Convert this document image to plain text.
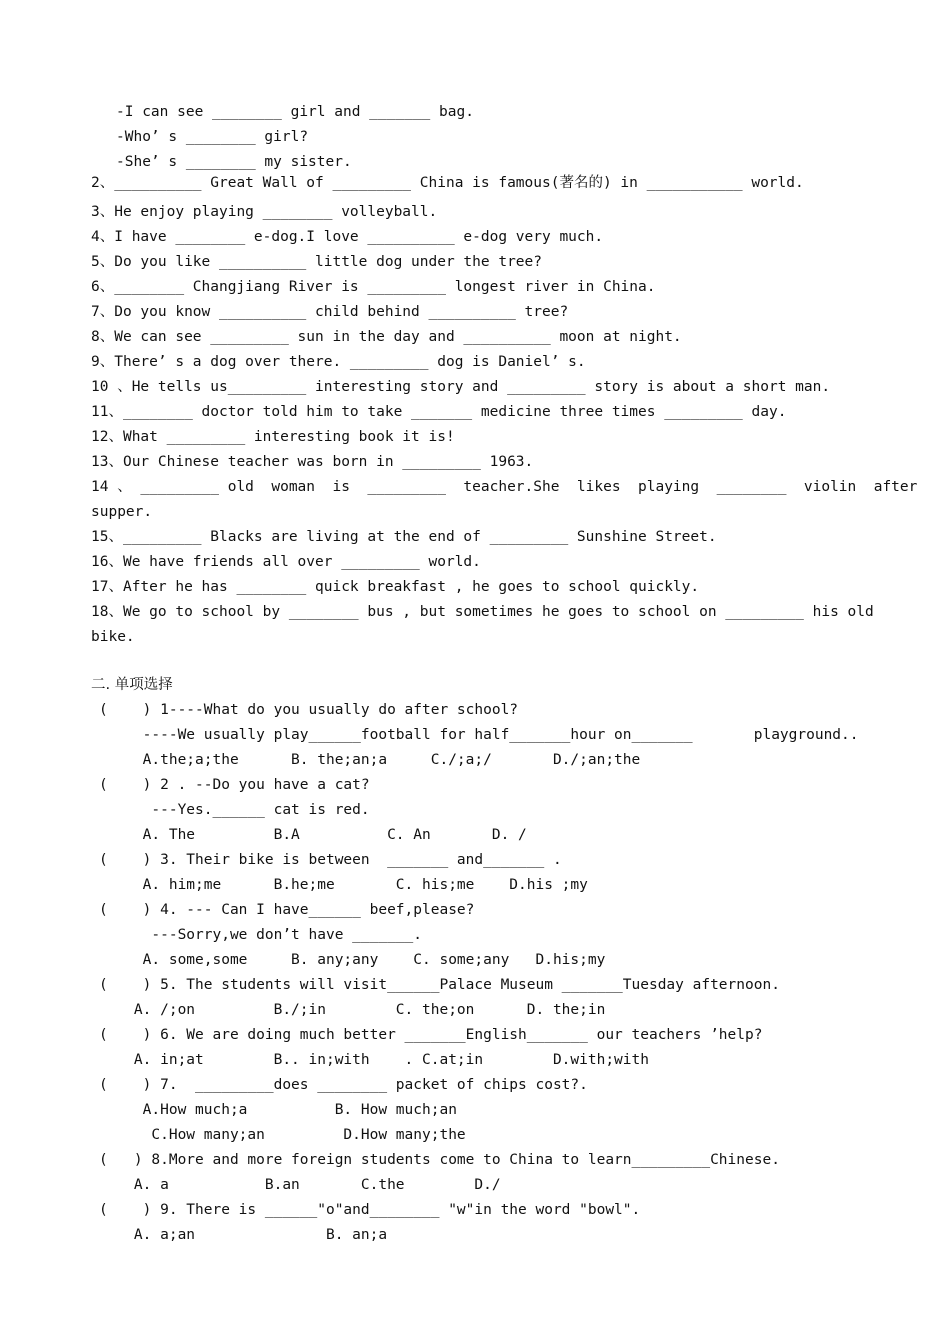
-I can see ________ girl and _______ bag.

-Who’ s ________ girl?

-She’ s ________ my sister.

2、__________ Great Wall of _________ China is famous(著名的) in ___________ world.

3、He enjoy playing ________ volleyball.

4、I have ________ e-dog.I love __________ e-dog very much.

5、Do you like __________ little dog under the tree?

6、________ Changjiang River is _________ longest river in China.

7、Do you know __________ child behind __________ tree?

8、We can see _________ sun in the day and __________ moon at night.

9、There’ s a dog over there. _________ dog is Daniel’ s.

10 、He tells us_________ interesting story and _________ story is about a short man.

11、________ doctor told him to take _______ medicine three times _________ day.

12、What _________ interesting book it is!

13、Our Chinese teacher was born in _________ 1963.

14 、 _________ old  woman  is  _________  teacher.She  likes  playing  ________  violin  after

supper.

15、_________ Blacks are living at the end of _________ Sunshine Street.

16、We have friends all over _________ world.

17、After he has ________ quick breakfast , he goes to school quickly.

18、We go to school by ________ bus , but sometimes he goes to school on _________ his old

bike.

二. 单项选择

(    ) 1----What do you usually do after school?

----We usually play______football for half_______hour on_______       playground..

A.the;a;the      B. the;an;a     C./;a;/       D./;an;the

(    ) 2 . --Do you have a cat?

---Yes.______ cat is red.

A. The         B.A          C. An       D. /

(    ) 3. Their bike is between  _______ and_______ .

A. him;me      B.he;me       C. his;me    D.his ;my

(    ) 4. --- Can I have______ beef,please?

---Sorry,we don’t have _______.

A. some,some     B. any;any    C. some;any   D.his;my

(    ) 5. The students will visit______Palace Museum _______Tuesday afternoon.

A. /;on         B./;in        C. the;on      D. the;in

(    ) 6. We are doing much better _______English_______ our teachers ’help?

A. in;at        B.. in;with    . C.at;in        D.with;with

(    ) 7.  _________does ________ packet of chips cost?.

A.How much;a          B. How much;an

C.How many;an         D.How many;the

(   ) 8.More and more foreign students come to China to learn_________Chinese.

A. a           B.an       C.the        D./

(    ) 9. There is ______"o"and________ "w"in the word "bowl".

A. a;an               B. an;a
